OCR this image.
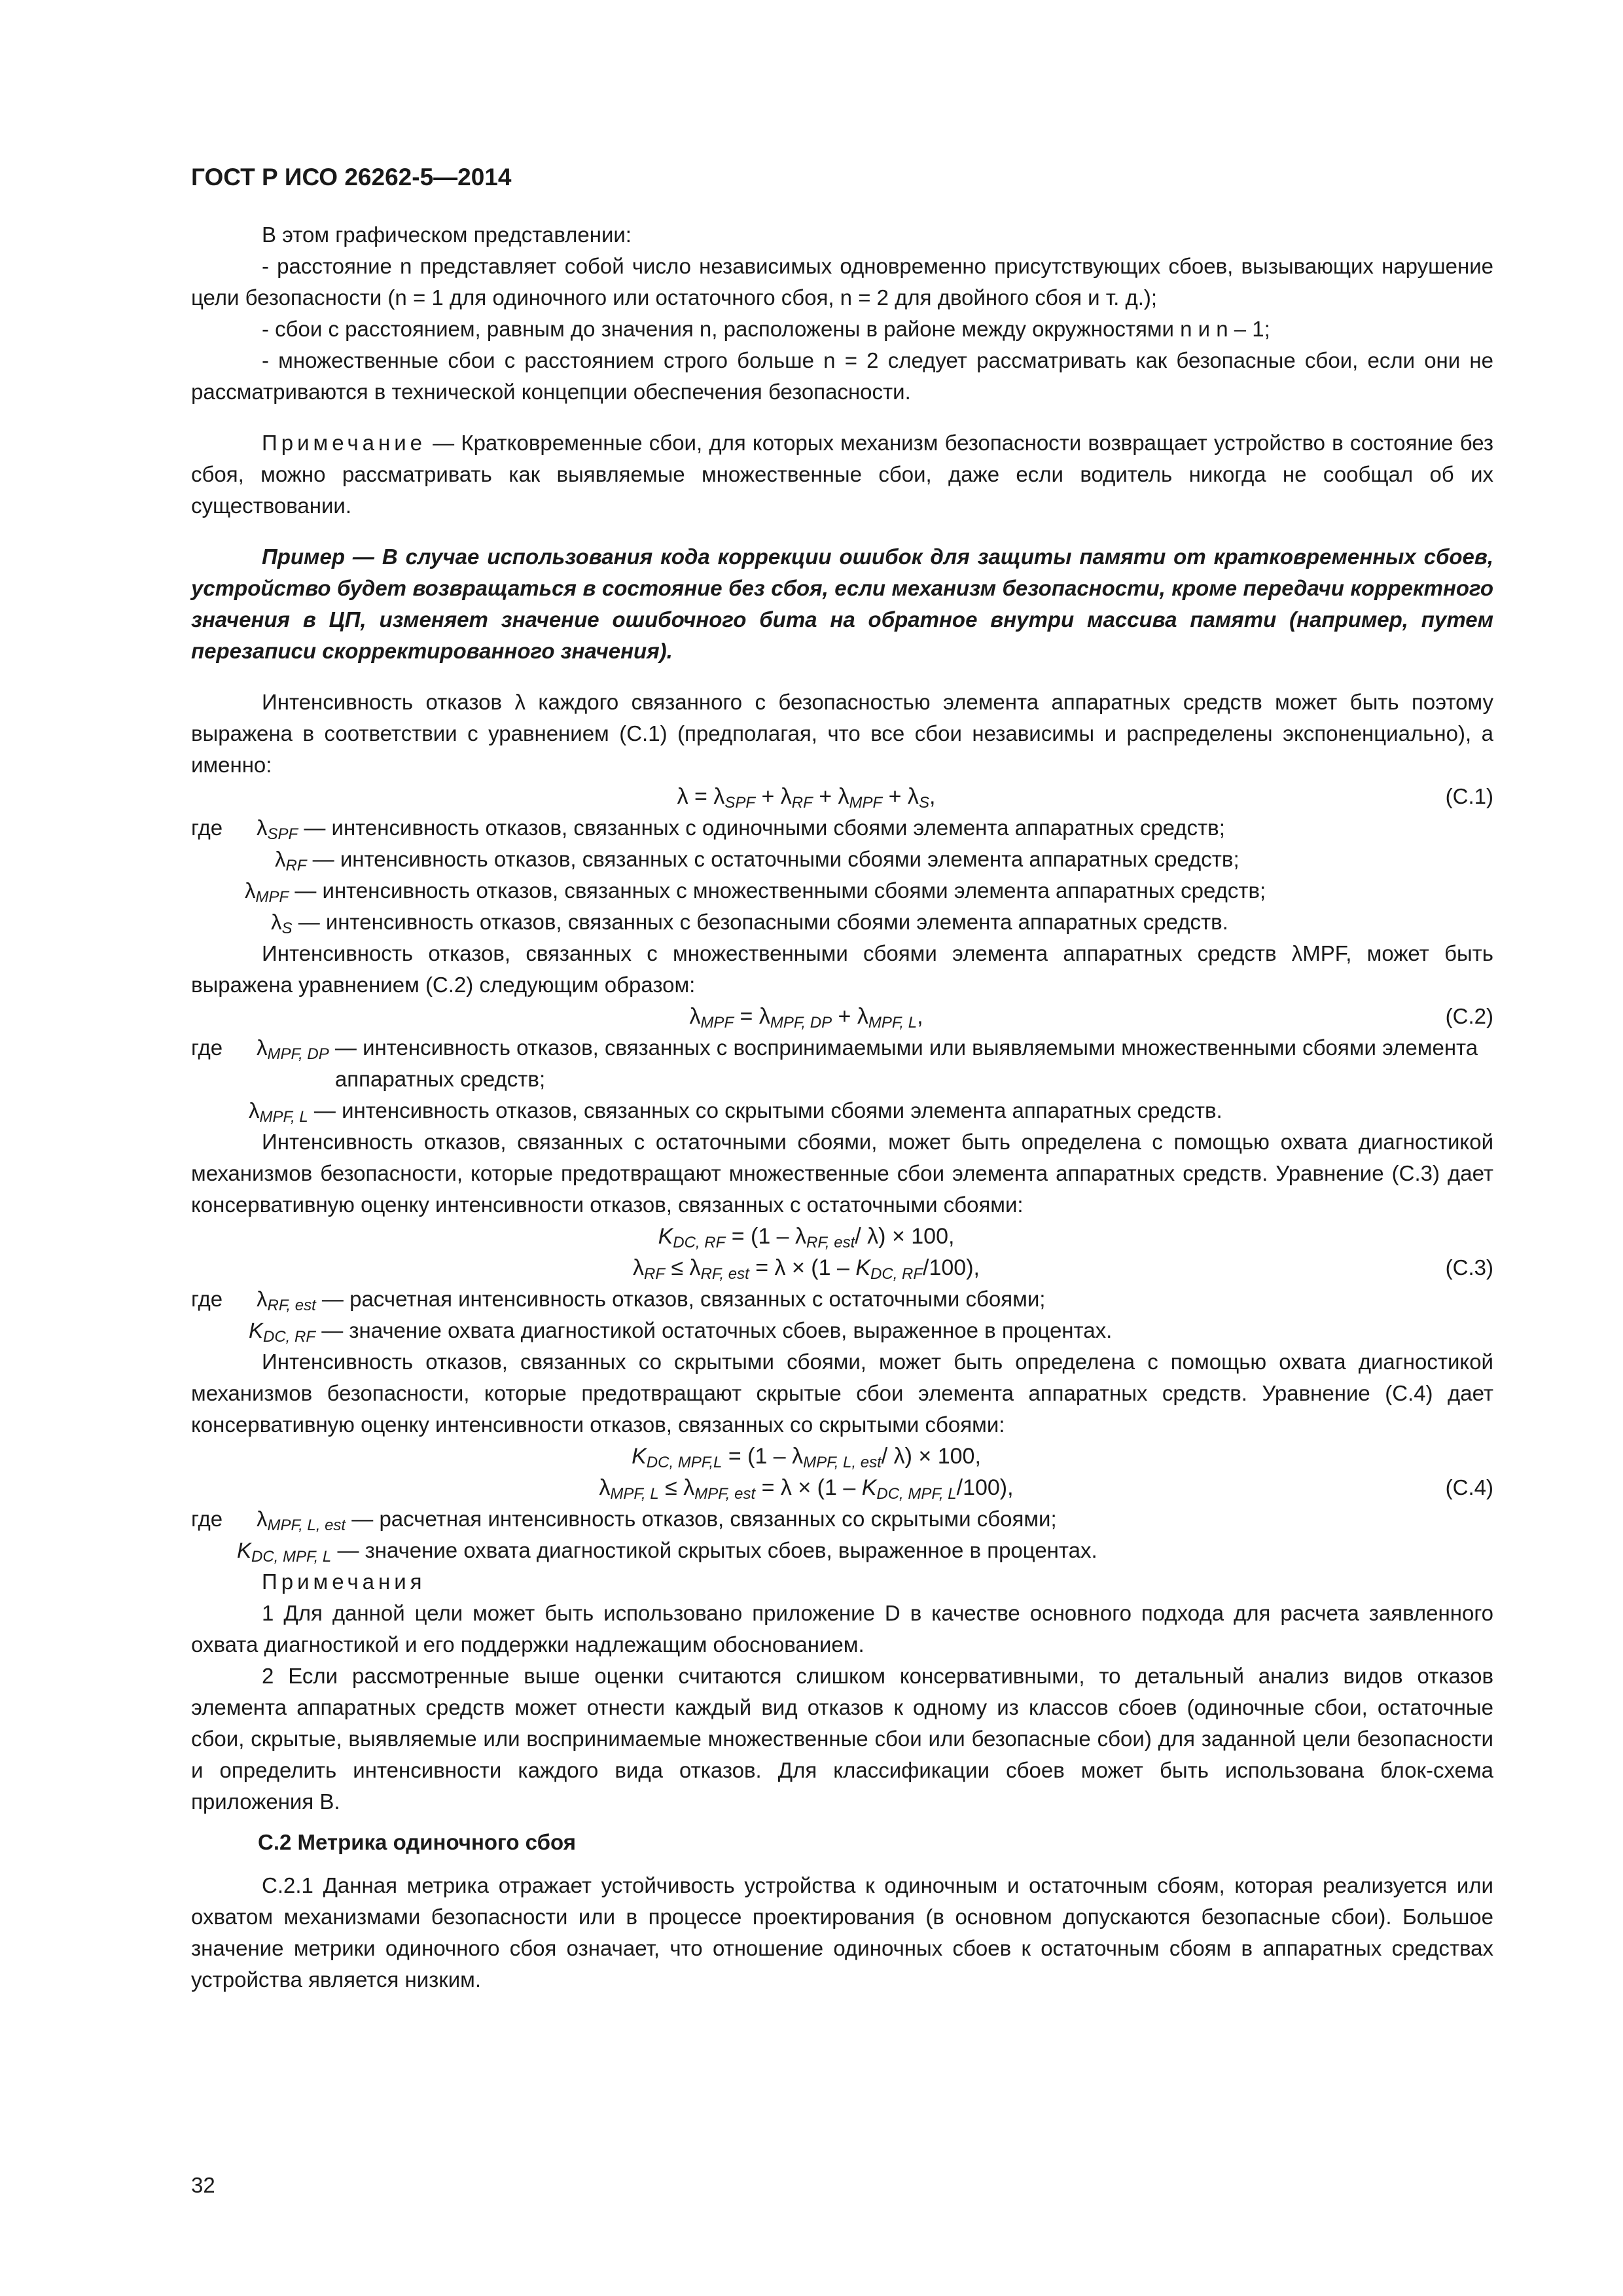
ГОСТ Р ИСО 26262-5—2014

В этом графическом представлении:

- расстояние n представляет собой число независимых одновременно присутствующих сбоев, вызывающих нарушение цели безопасности (n = 1 для одиночного или остаточного сбоя, n = 2 для двойного сбоя и т. д.);

- сбои с расстоянием, равным до значения n, расположены в районе между окружностями n и n – 1;

- множественные сбои с расстоянием строго больше n = 2 следует рассматривать как безопасные сбои, если они не рассматриваются в технической концепции обеспечения безопасности.

Примечание — Кратковременные сбои, для которых механизм безопасности возвращает устройство в состояние без сбоя, можно рассматривать как выявляемые множественные сбои, даже если водитель никогда не сообщал об их существовании.

Пример — В случае использования кода коррекции ошибок для защиты памяти от кратковременных сбоев, устройство будет возвращаться в состояние без сбоя, если механизм безопасности, кроме передачи корректного значения в ЦП, изменяет значение ошибочного бита на обратное внутри массива памяти (например, путем перезаписи скорректированного значения).

Интенсивность отказов λ каждого связанного с безопасностью элемента аппаратных средств может быть поэтому выражена в соответствии с уравнением (С.1) (предполагая, что все сбои независимы и распределены экспоненциально), а именно:

$\lambda = \lambda_{SPF} + \lambda_{RF} + \lambda_{MPF} + \lambda_S$,	(С.1)
где	$\lambda_{SPF}$ — интенсивность отказов, связанных с одиночными сбоями элемента аппаратных средств;
$\lambda_{RF}$ — интенсивность отказов, связанных с остаточными сбоями элемента аппаратных средств;
$\lambda_{MPF}$ — интенсивность отказов, связанных с множественными сбоями элемента аппаратных средств;
$\lambda_S$ — интенсивность отказов, связанных с безопасными сбоями элемента аппаратных средств.

Интенсивность отказов, связанных с множественными сбоями элемента аппаратных средств λMPF, может быть выражена уравнением (С.2) следующим образом:

$\lambda_{MPF} = \lambda_{MPF, DP} + \lambda_{MPF, L}$,	(С.2)
где	$\lambda_{MPF, DP}$ — интенсивность отказов, связанных с воспринимаемыми или выявляемыми множественными сбоями элемента аппаратных средств;
$\lambda_{MPF, L}$ — интенсивность отказов, связанных со скрытыми сбоями элемента аппаратных средств.

Интенсивность отказов, связанных с остаточными сбоями, может быть определена с помощью охвата диагностикой механизмов безопасности, которые предотвращают множественные сбои элемента аппаратных средств. Уравнение (С.3) дает консервативную оценку интенсивности отказов, связанных с остаточными сбоями:

$K_{DC, RF} = (1 - \lambda_{RF, est}/$ λ) × 100,
$\lambda_{RF} \le \lambda_{RF, est} = \lambda \times (1 - K_{DC, RF}/100)$,	(С.3)
где	$\lambda_{RF, est}$ — расчетная интенсивность отказов, связанных с остаточными сбоями;
$K_{DC, RF}$ — значение охвата диагностикой остаточных сбоев, выраженное в процентах.

Интенсивность отказов, связанных со скрытыми сбоями, может быть определена с помощью охвата диагностикой механизмов безопасности, которые предотвращают скрытые сбои элемента аппаратных средств. Уравнение (С.4) дает консервативную оценку интенсивности отказов, связанных со скрытыми сбоями:

$K_{DC, MPF,L} = (1 - \lambda_{MPF, L, est}/$ λ) × 100,
$\lambda_{MPF, L} \le \lambda_{MPF, est} = \lambda \times (1 - K_{DC, MPF, L}/100)$,	(С.4)
где	$\lambda_{MPF, L, est}$ — расчетная интенсивность отказов, связанных со скрытыми сбоями;
$K_{DC, MPF, L}$ — значение охвата диагностикой скрытых сбоев, выраженное в процентах.

Примечания

1 Для данной цели может быть использовано приложение D в качестве основного подхода для расчета заявленного охвата диагностикой и его поддержки надлежащим обоснованием.

2 Если рассмотренные выше оценки считаются слишком консервативными, то детальный анализ видов отказов элемента аппаратных средств может отнести каждый вид отказов к одному из классов сбоев (одиночные сбои, остаточные сбои, скрытые, выявляемые или воспринимаемые множественные сбои или безопасные сбои) для заданной цели безопасности и определить интенсивности каждого вида отказов. Для классификации сбоев может быть использована блок-схема приложения В.

С.2 Метрика одиночного сбоя

С.2.1 Данная метрика отражает устойчивость устройства к одиночным и остаточным сбоям, которая реализуется или охватом механизмами безопасности или в процессе проектирования (в основном допускаются безопасные сбои). Большое значение метрики одиночного сбоя означает, что отношение одиночных сбоев к остаточным сбоям в аппаратных средствах устройства является низким.

32
